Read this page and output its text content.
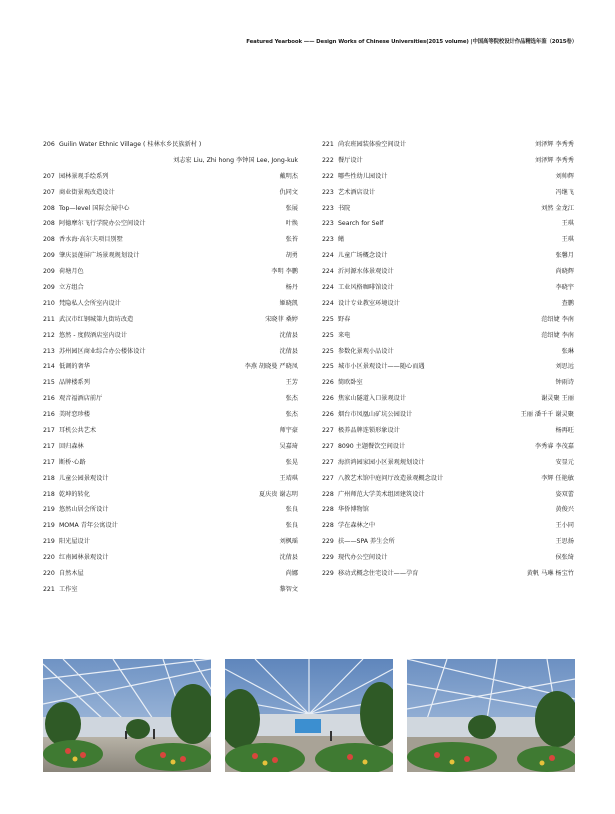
Featured Yearbook —— Design Works of Chinese Universities(2015 volume) |中国高等院校设计作品精选年鉴（2015卷）
206 Guilin Water Ethnic Village ( 桂林水乡民族新村 )
刘志宏 Liu, Zhi hong 李钟国 Lee, Jong-kuk
207 园林景观手绘系列	戴明杰
207 商业街景观改造设计	仇同文
208 Top—level 国际会展中心	张展
208 阿德摩尔飞行学院办公空间设计	叶焕
208 香水海·高尔夫项目别墅	张苔
209 肇庆县莲屏广场景观规划设计	胡勇
209 荷塘月色	李明 李鹏
209 立方组合	杨丹
210 梵隐私人会所室内设计	姬晓凯
211 武汉市红钢城第九街坊改造	宋晓菲 桑婷
212 悠然 - 度假酒店室内设计	沈倩县
213 苏州园区商业综合办公楼体设计	沈倩县
214 低调的奢华	李燕 胡晓曼 严晓凤
215 品牌楼系列	王芳
216 观音福酒店前厅	张杰
216 美时恋珍楼	张杰
217 耳机公共艺术	师宇豪
217 回归森林	吴嘉琦
217 断桥·心路	张晃
218 儿童公园景观设计	王靖琪
218 乾坤的转化	夏庆贵 谢志明
219 悠然山居会所设计	张良
219 MOMA 青年公寓设计	张良
219 阳光屋设计	刘枫瑶
220 红南园林景观设计	沈倩县
220 自然木屋	尚娜
221 工作室	黎智文
221 尚农班园装体验空间设计	刘泽辉 李秀秀
222 餐厅设计	刘泽辉 李秀秀
222 哪些性幼儿园设计	刘帅辉
223 艺术酒店设计	冯继飞
223 书院	刘然 金龙江
223 Search for Self	王琪
223 鳍	王琪
224 儿童广场概念设计	张馨月
224 沂河源水体景观设计	尚晓辉
224 工业风格咖啡馆设计	李晓宇
224 设计专业教室环境设计	查鹏
225 野春	范绍婕 李南
225 来电	范绍婕 李南
225 参数化景观小品设计	张琳
225 城市小区景观设计——随心而遇	刘思远
226 简欧卧室	钟雨诗
226 焦家山隧道入口景观设计	谢灵聚 王丽
226 烟台市凤凰山矿坑公园设计	王丽 潘千千 谢灵聚
227 极养品牌连锁形象设计	杨再旺
227 8090 主题餐饮空间设计	李秀睿 李茂嘉
227 海滨鸿园家园小区景观规划设计	安显元
227 八教艺术馆中庭问厅改造景观概念设计	李辉 任艳敏
228 广州师范大学美术组团建筑设计	姿双蕾
228 华侨博物馆	黄俊兴
228 学在森林之中	王小同
229 扶——SPA 养生会所	王思扬
229 现代办公空间设计	侯张绮
229 移动式概念住宅设计——孕育	黄帆 马琳 杨宝竹
